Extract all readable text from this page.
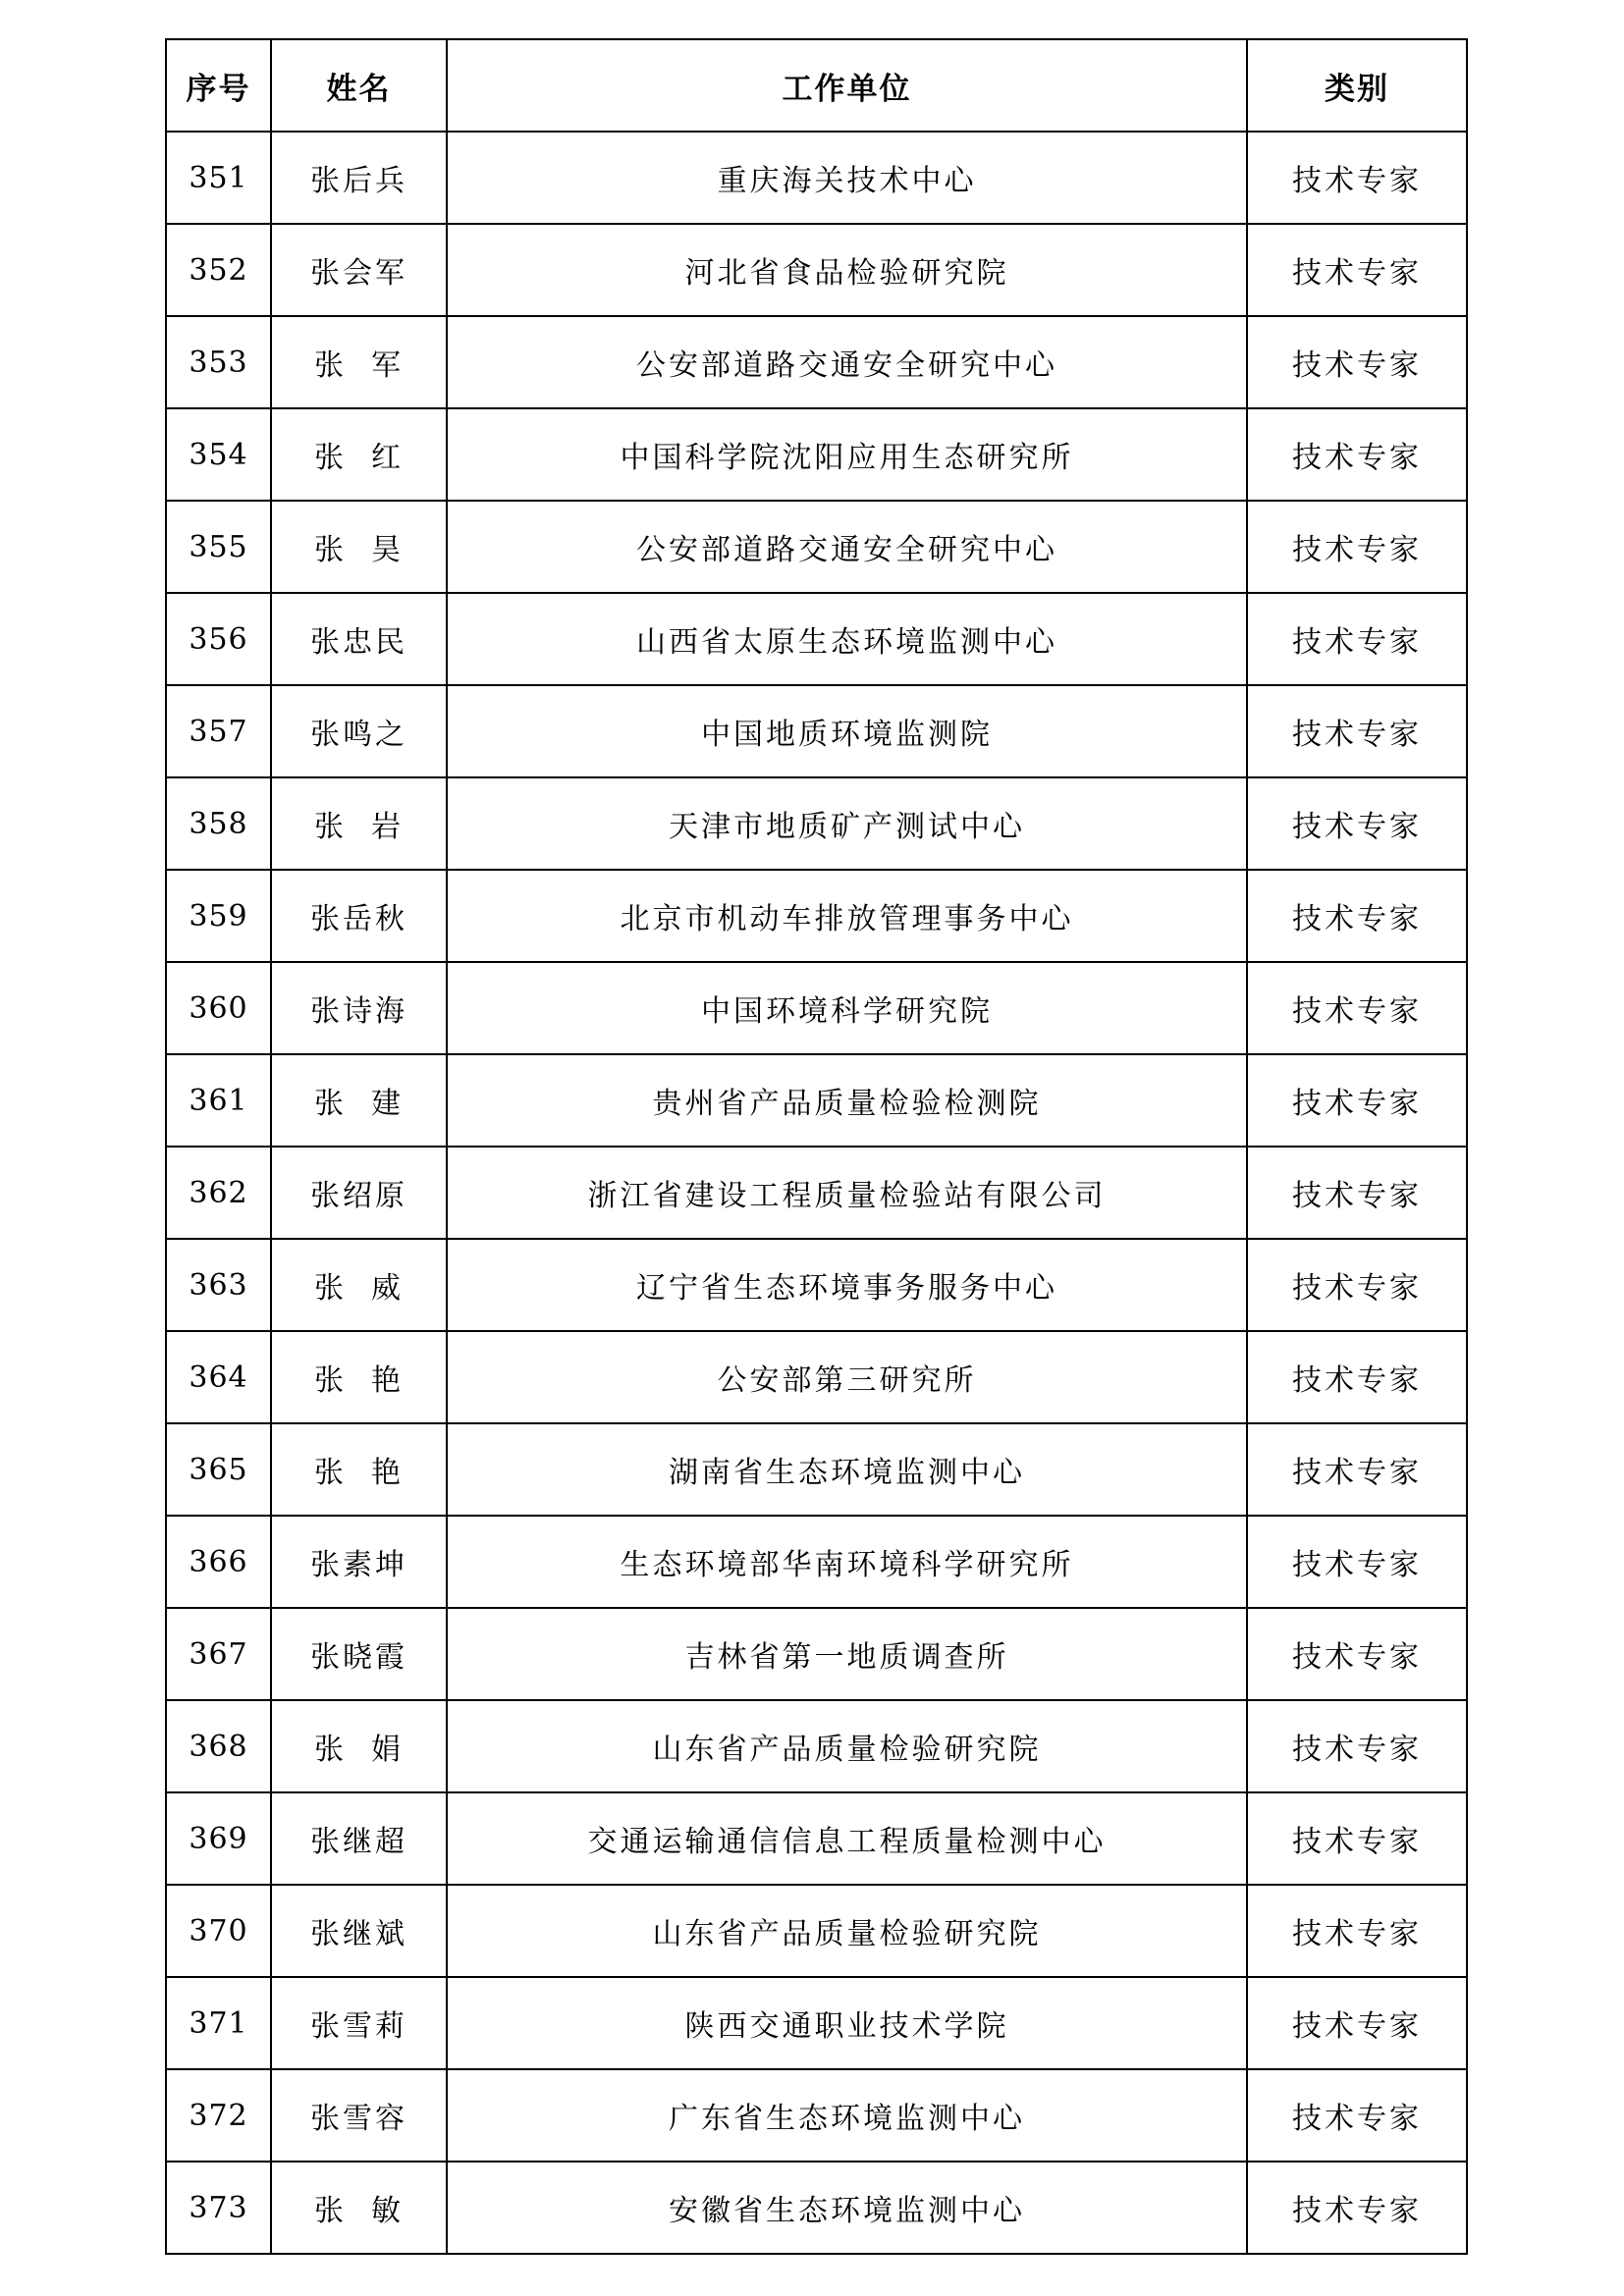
序号	姓名	工作单位	类别
351	张后兵	重庆海关技术中心	技术专家
352	张会军	河北省食品检验研究院	技术专家
353	张  军	公安部道路交通安全研究中心	技术专家
354	张  红	中国科学院沈阳应用生态研究所	技术专家
355	张  昊	公安部道路交通安全研究中心	技术专家
356	张忠民	山西省太原生态环境监测中心	技术专家
357	张鸣之	中国地质环境监测院	技术专家
358	张  岩	天津市地质矿产测试中心	技术专家
359	张岳秋	北京市机动车排放管理事务中心	技术专家
360	张诗海	中国环境科学研究院	技术专家
361	张  建	贵州省产品质量检验检测院	技术专家
362	张绍原	浙江省建设工程质量检验站有限公司	技术专家
363	张  威	辽宁省生态环境事务服务中心	技术专家
364	张  艳	公安部第三研究所	技术专家
365	张  艳	湖南省生态环境监测中心	技术专家
366	张素坤	生态环境部华南环境科学研究所	技术专家
367	张晓霞	吉林省第一地质调查所	技术专家
368	张  娟	山东省产品质量检验研究院	技术专家
369	张继超	交通运输通信信息工程质量检测中心	技术专家
370	张继斌	山东省产品质量检验研究院	技术专家
371	张雪莉	陕西交通职业技术学院	技术专家
372	张雪容	广东省生态环境监测中心	技术专家
373	张  敏	安徽省生态环境监测中心	技术专家
